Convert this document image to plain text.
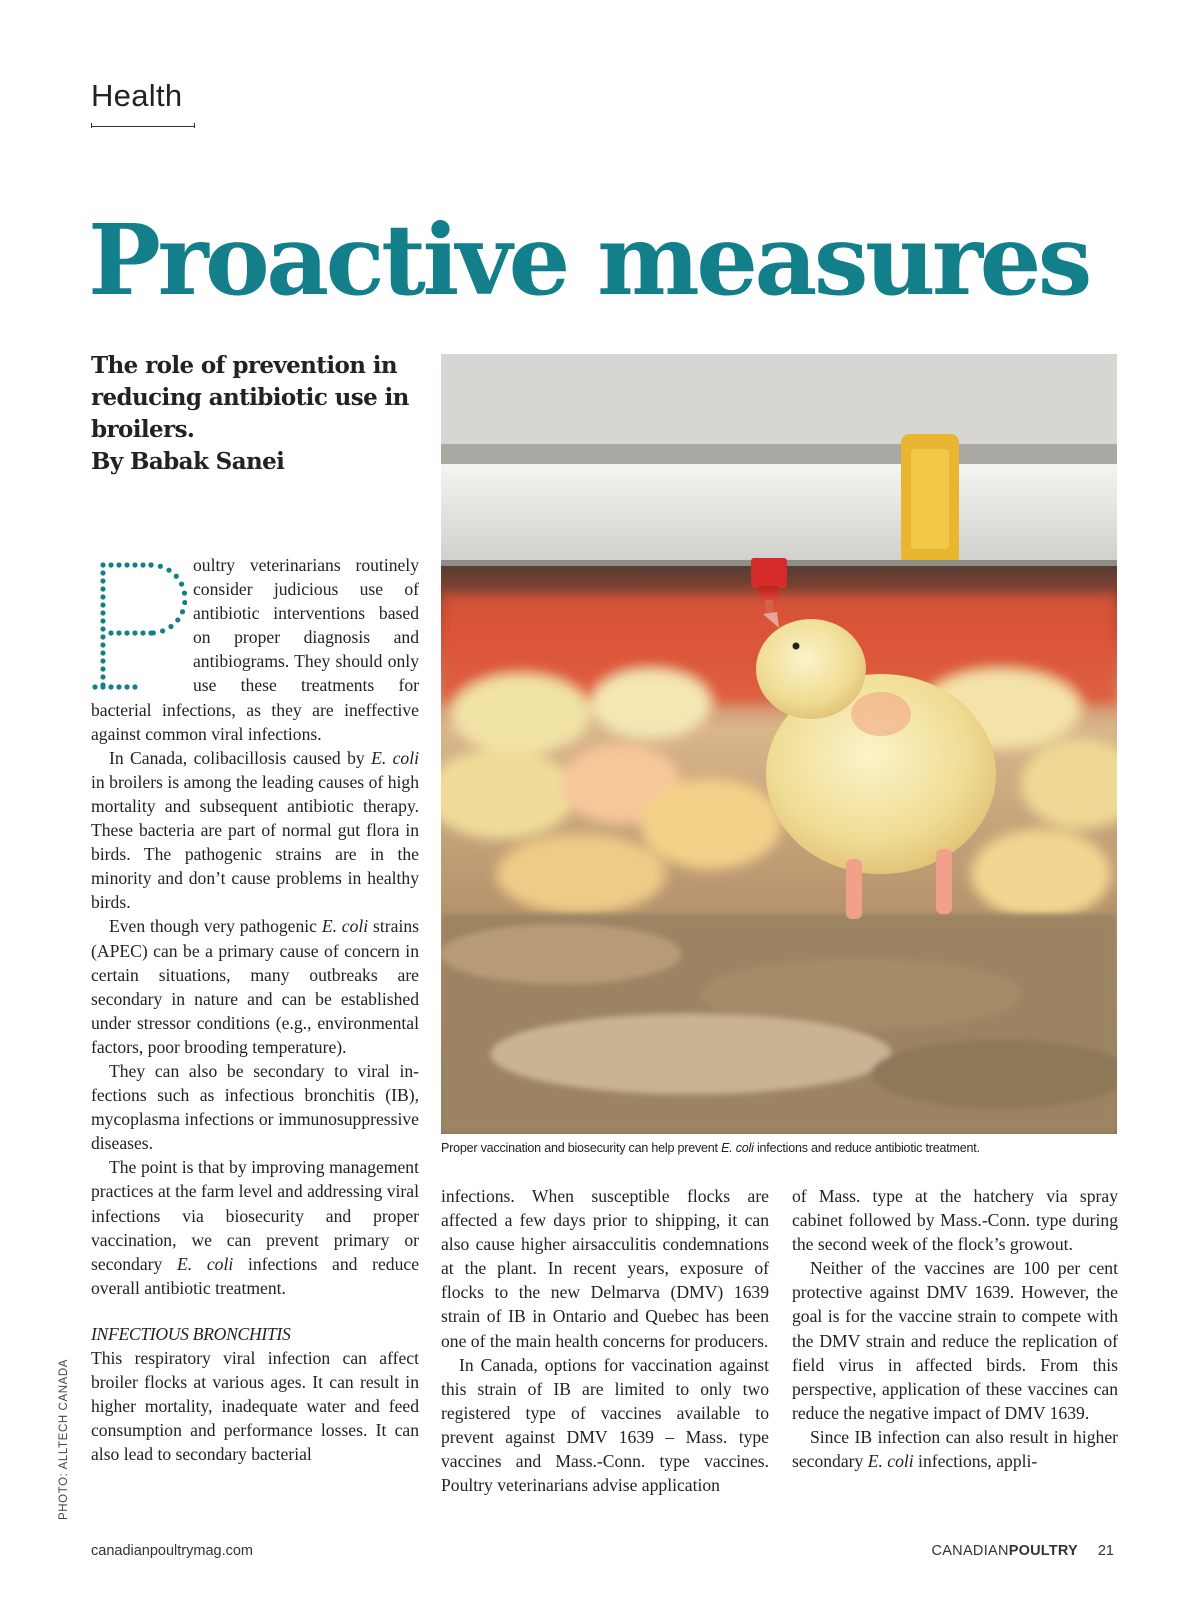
Health
Proactive measures
The role of prevention in reducing antibiotic use in broilers.
By Babak Sanei
Proper vaccination and biosecurity can help prevent E. coli infections and reduce antibiotic treatment.

oultry veterinarians routinely consider judicious use of antibiotic interventions based on proper diagnosis and antibiograms. They should only use these treatments for bacterial infections, as they are ineffective against common viral infections.

In Canada, colibacillosis caused by E. coli in broilers is among the leading causes of high mortality and subsequent antibiotic therapy. These bacteria are part of normal gut flora in birds. The pathogenic strains are in the minority and don’t cause problems in healthy birds.

Even though very pathogenic E. coli strains (APEC) can be a primary cause of concern in certain situations, many outbreaks are secondary in nature and can be established under stressor conditions (e.g., environmental factors, poor brooding temperature).

They can also be secondary to viral infections such as infectious bronchitis (IB), mycoplasma infections or immunosuppressive diseases.

The point is that by improving management practices at the farm level and addressing viral infections via biosecurity and proper vaccination, we can prevent primary or secondary E. coli infections and reduce overall antibiotic treatment.

INFECTIOUS BRONCHITIS

This respiratory viral infection can affect broiler flocks at various ages. It can result in higher mortality, inadequate water and feed consumption and performance losses. It can also lead to secondary bacterial

infections. When susceptible flocks are affected a few days prior to shipping, it can also cause higher airsacculitis condemnations at the plant. In recent years, exposure of flocks to the new Delmarva (DMV) 1639 strain of IB in Ontario and Quebec has been one of the main health concerns for producers.

In Canada, options for vaccination against this strain of IB are limited to only two registered type of vaccines available to prevent against DMV 1639 – Mass. type vaccines and Mass.-Conn. type vaccines. Poultry veterinarians advise application

of Mass. type at the hatchery via spray cabinet followed by Mass.-Conn. type during the second week of the flock’s growout.

Neither of the vaccines are 100 per cent protective against DMV 1639. However, the goal is for the vaccine strain to compete with the DMV strain and reduce the replication of field virus in affected birds. From this perspective, application of these vaccines can reduce the negative impact of DMV 1639.

Since IB infection can also result in higher secondary E. coli infections, appli-

PHOTO: ALLTECH CANADA
canadianpoultrymag.com	CANADIANPOULTRY 21
